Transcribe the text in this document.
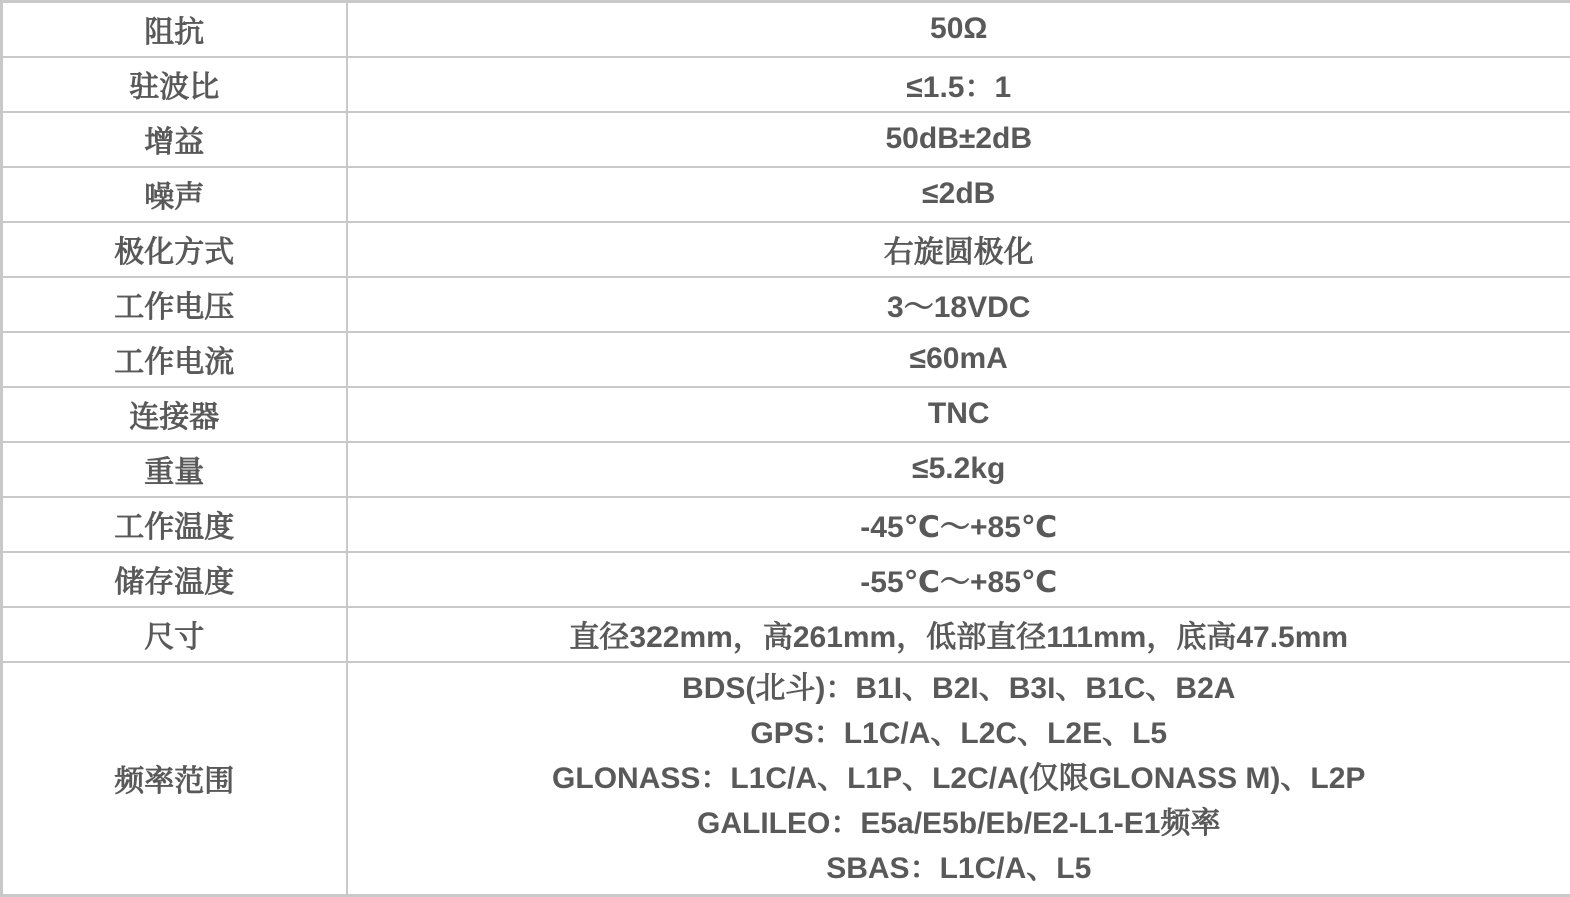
阻抗	50Ω
驻波比	≤1.5：1
增益	50dB±2dB
噪声	≤2dB
极化方式	右旋圆极化
工作电压	3～18VDC
工作电流	≤60mA
连接器	TNC
重量	≤5.2kg
工作温度	-45℃～+85℃
储存温度	-55℃～+85℃
尺寸	直径322mm，高261mm，低部直径111mm，底高47.5mm
频率范围	BDS(北斗)：B1I、B2I、B3I、B1C、B2A
GPS：L1C/A、L2C、L2E、L5
GLONASS：L1C/A、L1P、L2C/A(仅限GLONASS M)、L2P
GALILEO：E5a/E5b/Eb/E2-L1-E1频率
SBAS：L1C/A、L5
